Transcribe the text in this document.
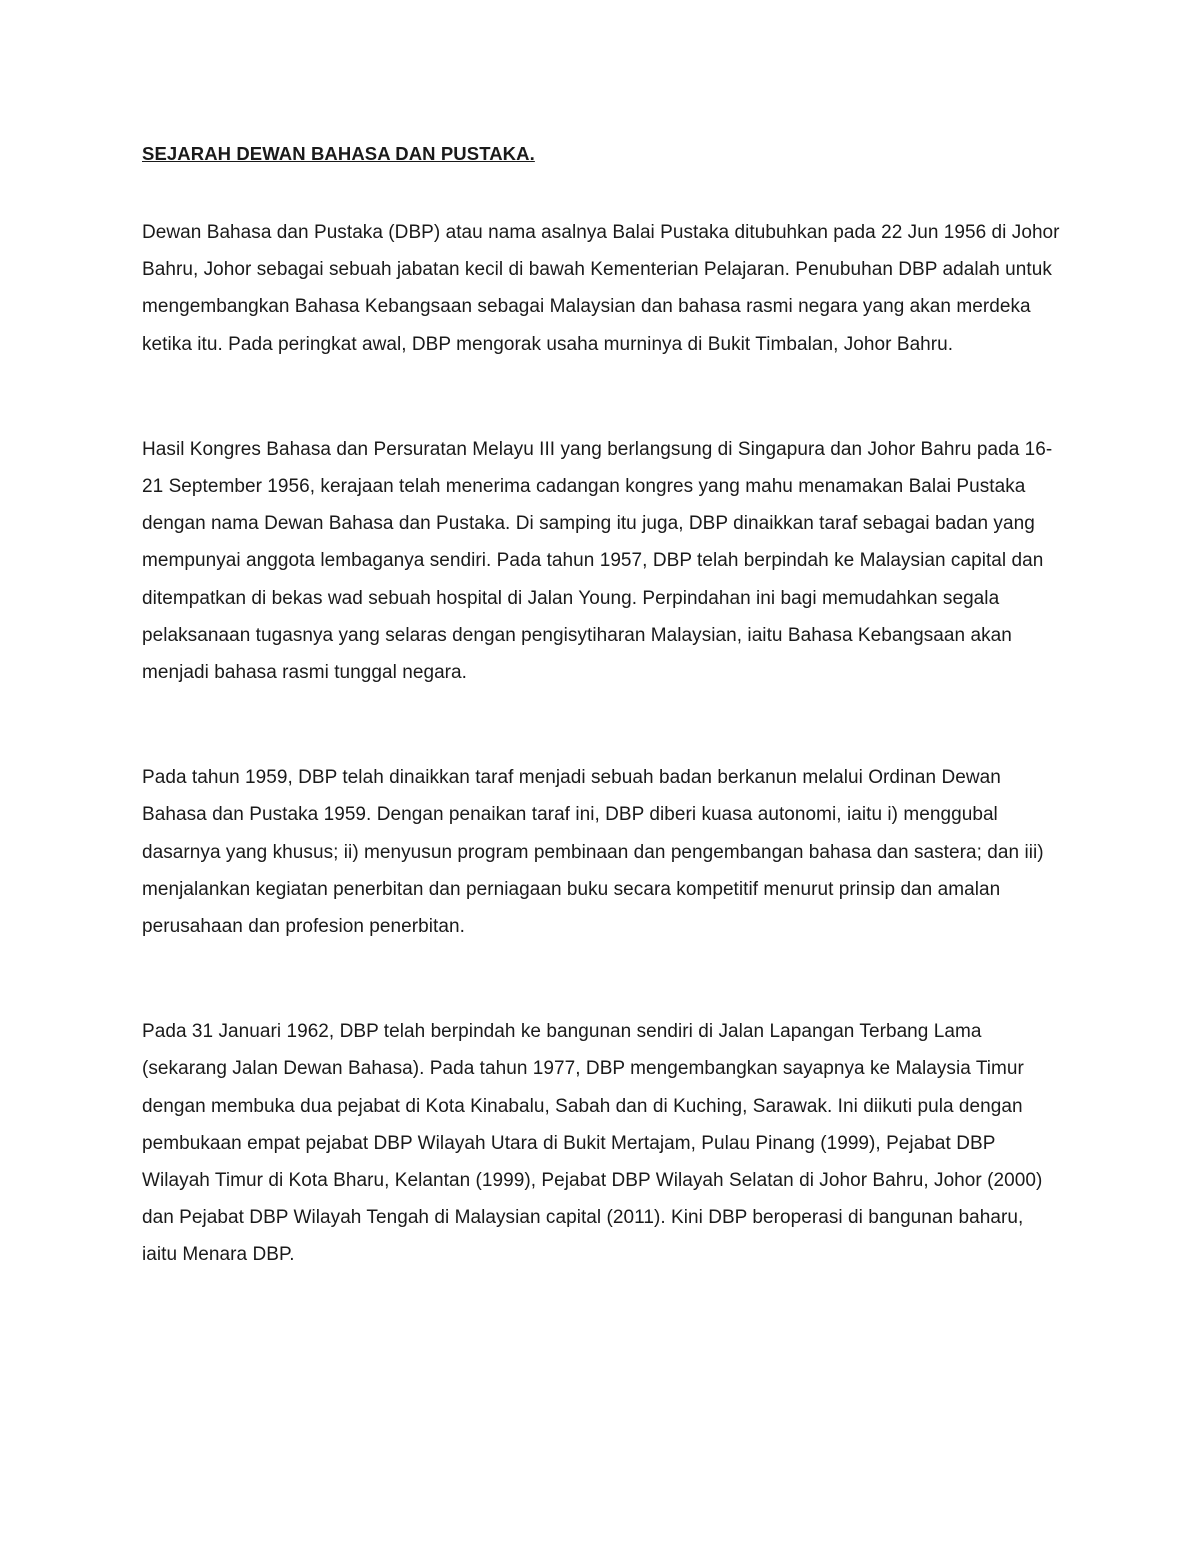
SEJARAH DEWAN BAHASA DAN PUSTAKA.

Dewan Bahasa dan Pustaka (DBP) atau nama asalnya Balai Pustaka ditubuhkan pada 22 Jun 1956 di Johor Bahru, Johor sebagai sebuah jabatan kecil di bawah Kementerian Pelajaran. Penubuhan DBP adalah untuk mengembangkan Bahasa Kebangsaan sebagai Malaysian dan bahasa rasmi negara yang akan merdeka ketika itu. Pada peringkat awal, DBP mengorak usaha murninya di Bukit Timbalan, Johor Bahru.

Hasil Kongres Bahasa dan Persuratan Melayu III yang berlangsung di Singapura dan Johor Bahru pada 16-21 September 1956, kerajaan telah menerima cadangan kongres yang mahu menamakan Balai Pustaka dengan nama Dewan Bahasa dan Pustaka. Di samping itu juga, DBP dinaikkan taraf sebagai badan yang mempunyai anggota lembaganya sendiri. Pada tahun 1957, DBP telah berpindah ke Malaysian capital dan ditempatkan di bekas wad sebuah hospital di Jalan Young. Perpindahan ini bagi memudahkan segala pelaksanaan tugasnya yang selaras dengan pengisytiharan Malaysian, iaitu Bahasa Kebangsaan akan menjadi bahasa rasmi tunggal negara.

Pada tahun 1959, DBP telah dinaikkan taraf menjadi sebuah badan berkanun melalui Ordinan Dewan Bahasa dan Pustaka 1959. Dengan penaikan taraf ini, DBP diberi kuasa autonomi, iaitu i) menggubal dasarnya yang khusus; ii) menyusun program pembinaan dan pengembangan bahasa dan sastera; dan iii) menjalankan kegiatan penerbitan dan perniagaan buku secara kompetitif menurut prinsip dan amalan perusahaan dan profesion penerbitan.

Pada 31 Januari 1962, DBP telah berpindah ke bangunan sendiri di Jalan Lapangan Terbang Lama (sekarang Jalan Dewan Bahasa). Pada tahun 1977, DBP mengembangkan sayapnya ke Malaysia Timur dengan membuka dua pejabat di Kota Kinabalu, Sabah dan di Kuching, Sarawak. Ini diikuti pula dengan pembukaan empat pejabat DBP Wilayah Utara di Bukit Mertajam, Pulau Pinang (1999), Pejabat DBP Wilayah Timur di Kota Bharu, Kelantan (1999), Pejabat DBP Wilayah Selatan di Johor Bahru, Johor (2000) dan Pejabat DBP Wilayah Tengah di Malaysian capital (2011). Kini DBP beroperasi di bangunan baharu, iaitu Menara DBP.
